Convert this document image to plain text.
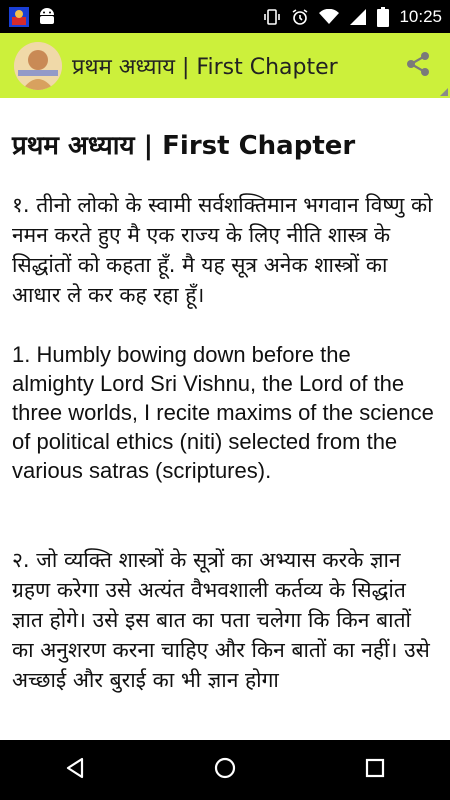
10:25
प्रथम अध्याय | First Chapter
प्रथम अध्याय | First Chapter

१. तीनो लोको के स्वामी सर्वशक्तिमान भगवान विष्णु को नमन करते हुए मै एक राज्य के लिए नीति शास्त्र के सिद्धांतों को कहता हूँ. मै यह सूत्र अनेक शास्त्रों का आधार ले कर कह रहा हूँ।

1. Humbly bowing down before the almighty Lord Sri Vishnu, the Lord of the three worlds, I recite maxims of the science of political ethics (niti) selected from the various satras (scriptures).

२. जो व्यक्ति शास्त्रों के सूत्रों का अभ्यास करके ज्ञान ग्रहण करेगा उसे अत्यंत वैभवशाली कर्तव्य के सिद्धांत ज्ञात होगे। उसे इस बात का पता चलेगा कि किन बातों का अनुशरण करना चाहिए और किन बातों का नहीं। उसे अच्छाई और बुराई का भी ज्ञान होगा
